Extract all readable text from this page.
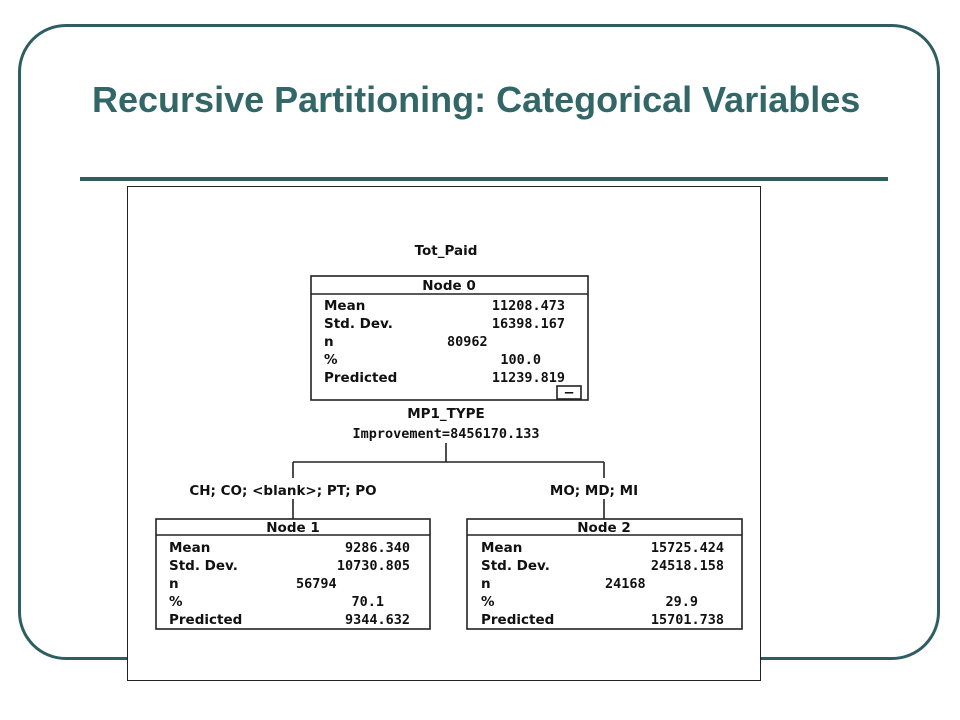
Recursive Partitioning: Categorical Variables
Tot_Paid
Node 0
Mean	11208.473
Std. Dev.	16398.167
n	80962
%	100.0
Predicted	11239.819
−
MP1_TYPE
Improvement=8456170.133
CH; CO; <blank>; PT; PO	MO; MD; MI
Node 1
Mean	9286.340
Std. Dev.	10730.805
n	56794
%	70.1
Predicted	9344.632
Node 2
Mean	15725.424
Std. Dev.	24518.158
n	24168
%	29.9
Predicted	15701.738
